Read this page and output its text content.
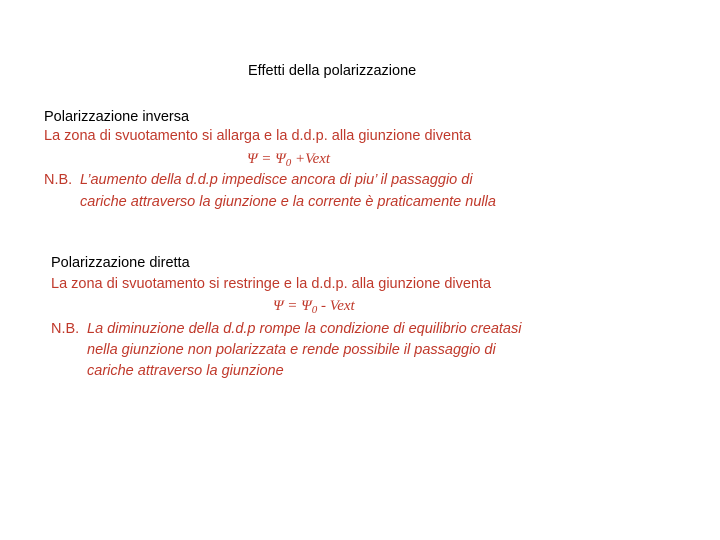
Effetti della polarizzazione
Polarizzazione inversa
La zona di svuotamento si allarga e la d.d.p. alla giunzione diventa
$\Psi = \Psi_0$ +Vext
N.B. L’aumento della d.d.p impedisce ancora di piu’ il passaggio di
cariche attraverso la giunzione e la corrente è praticamente nulla
Polarizzazione diretta
La zona di svuotamento si restringe e la d.d.p. alla giunzione diventa
$\Psi = \Psi_0$ - Vext
N.B. La diminuzione della d.d.p rompe la condizione di equilibrio creatasi
nella giunzione non polarizzata e rende possibile il passaggio di
cariche attraverso la giunzione
